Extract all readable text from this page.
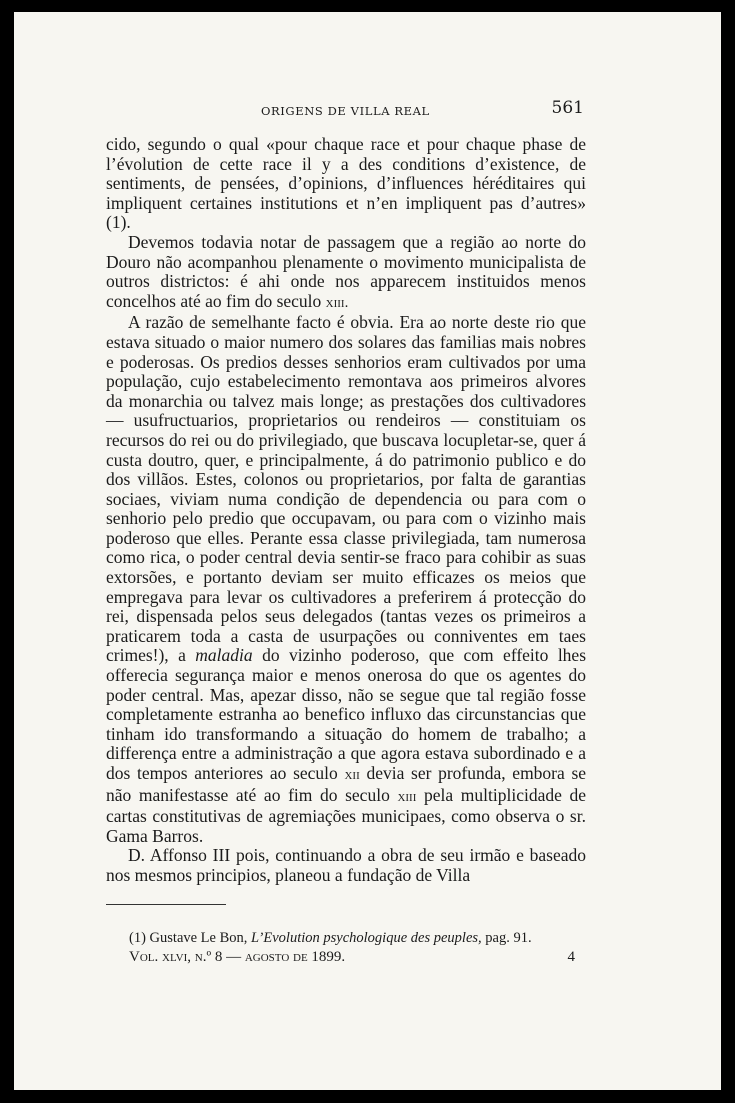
ORIGENS DE VILLA REAL	561

cido, segundo o qual «pour chaque race et pour chaque phase de l’évolution de cette race il y a des conditions d’existence, de sentiments, de pensées, d’opinions, d’influences héréditaires qui impliquent certaines institutions et n’en impliquent pas d’autres» (1).

Devemos todavia notar de passagem que a região ao norte do Douro não acompanhou plenamente o movimento municipalista de outros districtos: é ahi onde nos apparecem instituidos menos concelhos até ao fim do seculo xiii.

A razão de semelhante facto é obvia. Era ao norte deste rio que estava situado o maior numero dos solares das familias mais nobres e poderosas. Os predios desses senhorios eram cultivados por uma população, cujo estabelecimento remontava aos primeiros alvores da monarchia ou talvez mais longe; as prestações dos cultivadores — usufructuarios, proprietarios ou rendeiros — constituiam os recursos do rei ou do privilegiado, que buscava locupletar-se, quer á custa doutro, quer, e principalmente, á do patrimonio publico e do dos villãos. Estes, colonos ou proprietarios, por falta de garantias sociaes, viviam numa condição de dependencia ou para com o senhorio pelo predio que occupavam, ou para com o vizinho mais poderoso que elles. Perante essa classe privilegiada, tam numerosa como rica, o poder central devia sentir-se fraco para cohibir as suas extorsões, e portanto deviam ser muito efficazes os meios que empregava para levar os cultivadores a preferirem á protecção do rei, dispensada pelos seus delegados (tantas vezes os primeiros a praticarem toda a casta de usurpações ou conniventes em taes crimes!), a maladia do vizinho poderoso, que com effeito lhes offerecia segurança maior e menos onerosa do que os agentes do poder central. Mas, apezar disso, não se segue que tal região fosse completamente estranha ao benefico influxo das circunstancias que tinham ido transformando a situação do homem de trabalho; a differença entre a administração a que agora estava subordinado e a dos tempos anteriores ao seculo xii devia ser profunda, embora se não manifestasse até ao fim do seculo xiii pela multiplicidade de cartas constitutivas de agremiações municipaes, como observa o sr. Gama Barros.

D. Affonso III pois, continuando a obra de seu irmão e baseado nos mesmos principios, planeou a fundação de Villa

(1) Gustave Le Bon, L’Evolution psychologique des peuples, pag. 91.
Vol. xlvi, n.º 8 — agosto de 1899.	4
